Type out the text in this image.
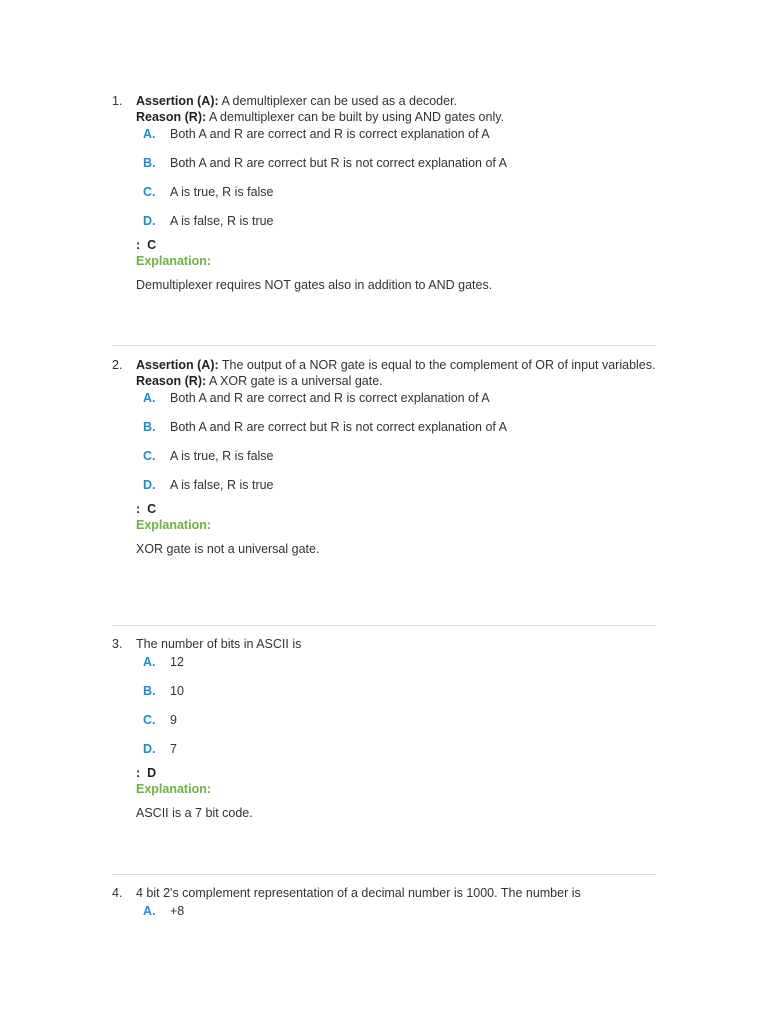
1.	Assertion (A): A demultiplexer can be used as a decoder.
Reason (R): A demultiplexer can be built by using AND gates only.
A. Both A and R are correct and R is correct explanation of A
B. Both A and R are correct but R is not correct explanation of A
C. A is true, R is false
D. A is false, R is true
: C
Explanation:
Demultiplexer requires NOT gates also in addition to AND gates.
2.	Assertion (A): The output of a NOR gate is equal to the complement of OR of input variables.
Reason (R): A XOR gate is a universal gate.
A. Both A and R are correct and R is correct explanation of A
B. Both A and R are correct but R is not correct explanation of A
C. A is true, R is false
D. A is false, R is true
: C
Explanation:
XOR gate is not a universal gate.
3.	The number of bits in ASCII is
A. 12
B. 10
C. 9
D. 7
: D
Explanation:
ASCII is a 7 bit code.
4.	4 bit 2's complement representation of a decimal number is 1000. The number is
A. +8
